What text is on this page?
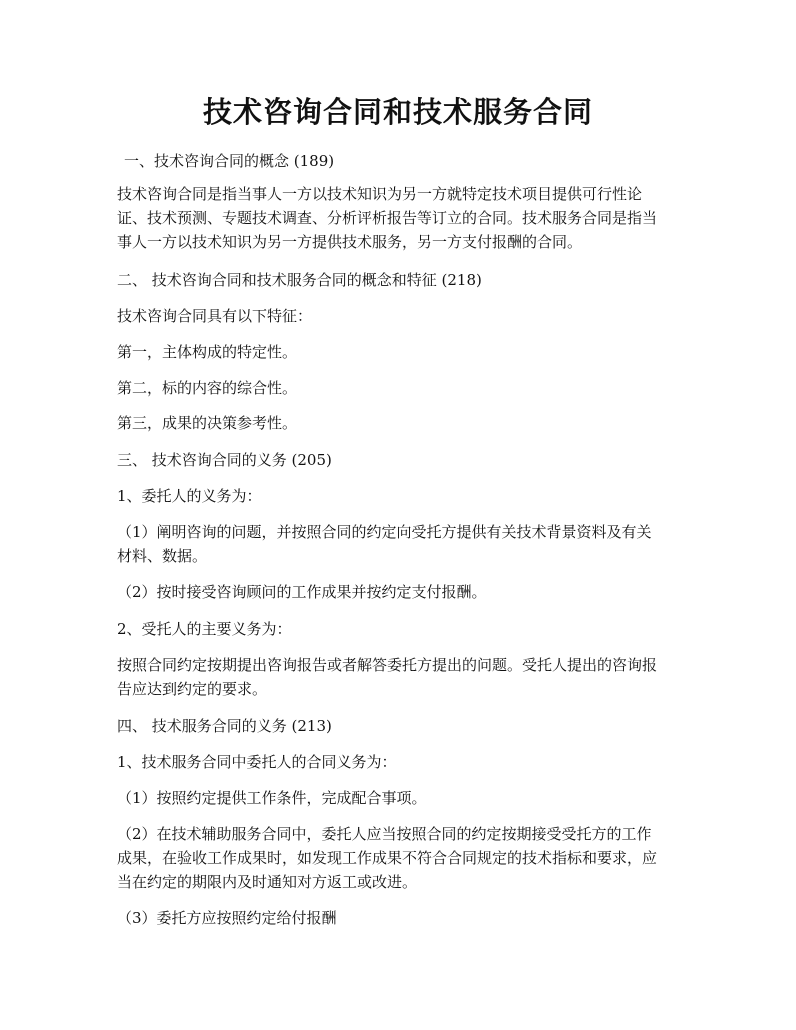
技术咨询合同和技术服务合同
一、技术咨询合同的概念 (189)
技术咨询合同是指当事人一方以技术知识为另一方就特定技术项目提供可行性论
证、技术预测、专题技术调查、分析评析报告等订立的合同。技术服务合同是指当
事人一方以技术知识为另一方提供技术服务，另一方支付报酬的合同。
二、 技术咨询合同和技术服务合同的概念和特征 (218)
技术咨询合同具有以下特征：
第一，主体构成的特定性。
第二，标的内容的综合性。
第三，成果的决策参考性。
三、 技术咨询合同的义务 (205)
1、委托人的义务为：
（1）阐明咨询的问题，并按照合同的约定向受托方提供有关技术背景资料及有关
材料、数据。
（2）按时接受咨询顾问的工作成果并按约定支付报酬。
2、受托人的主要义务为：
按照合同约定按期提出咨询报告或者解答委托方提出的问题。受托人提出的咨询报
告应达到约定的要求。
四、 技术服务合同的义务 (213)
1、技术服务合同中委托人的合同义务为：
（1）按照约定提供工作条件，完成配合事项。
（2）在技术辅助服务合同中，委托人应当按照合同的约定按期接受受托方的工作
成果，在验收工作成果时，如发现工作成果不符合合同规定的技术指标和要求，应
当在约定的期限内及时通知对方返工或改进。
（3）委托方应按照约定给付报酬
